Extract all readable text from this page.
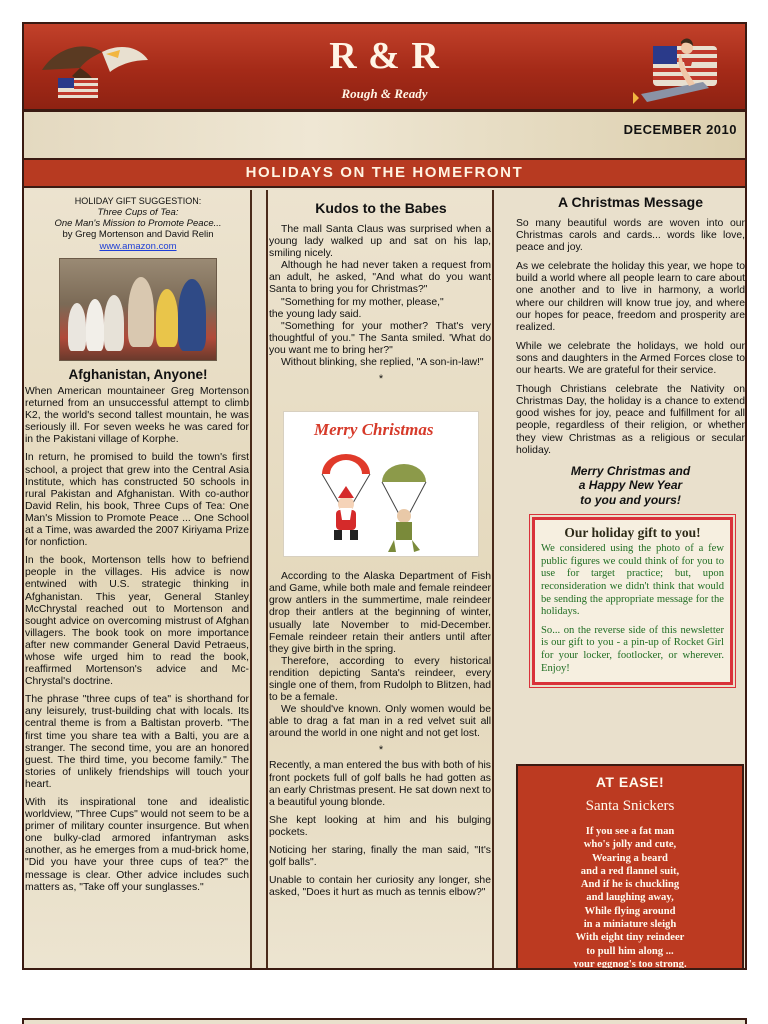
R & R
Rough & Ready
DECEMBER 2010
HOLIDAYS ON THE HOMEFRONT
HOLIDAY GIFT SUGGESTION:
Three Cups of Tea:
One Man's Mission to Promote Peace...
by Greg Mortenson and David Relin
www.amazon.com
Afghanistan, Anyone!

When American mountaineer Greg Mortenson returned from an unsuccessful attempt to climb K2, the world's second tallest mountain, he was seriously ill. For seven weeks he was cared for in the Pakistani village of Korphe.

In return, he promised to build the town's first school, a project that grew into the Central Asia Institute, which has constructed 50 schools in rural Pakistan and Afghanistan. With co-author David Relin, his book, Three Cups of Tea: One Man's Mission to Promote Peace ... One School at a Time, was awarded the 2007 Kiriyama Prize for nonfiction.

In the book, Mortenson tells how to befriend people in the villages. His advice is now entwined with U.S. strategic thinking in Afghanistan. This year, General Stanley McChrystal reached out to Mortenson and sought advice on overcoming mistrust of Afghan villagers. The book took on more importance after new commander General David Petraeus, whose wife urged him to read the book, reaffirmed Mortenson's advice and Mc-Chrystal's doctrine.

The phrase "three cups of tea" is shorthand for any leisurely, trust-building chat with locals. Its central theme is from a Baltistan proverb. "The first time you share tea with a Balti, you are a stranger. The second time, you are an honored guest. The third time, you become family." The stories of unlikely friendships will touch your heart.

With its inspirational tone and idealistic worldview, "Three Cups" would not seem to be a primer of military counter insurgence. But when one bulky-clad armored infantryman asks another, as he emerges from a mud-brick home, "Did you have your three cups of tea?" the message is clear. Other advice includes such matters as, "Take off your sunglasses."

Kudos to the Babes

The mall Santa Claus was surprised when a young lady walked up and sat on his lap, smiling nicely.

Although he had never taken a request from an adult, he asked, "And what do you want Santa to bring you for Christmas?"

"Something for my mother, please,"

the young lady said.

"Something for your mother? That's very thoughtful of you." The Santa smiled. 'What do you want me to bring her?"

Without blinking, she replied, "A son-in-law!"

*
Merry Christmas

According to the Alaska Department of Fish and Game, while both male and female reindeer grow antlers in the summertime, male reindeer drop their antlers at the beginning of winter, usually late November to mid-December. Female reindeer retain their antlers until after they give birth in the spring.

Therefore, according to every historical rendition depicting Santa's reindeer, every single one of them, from Rudolph to Blitzen, had to be a female.

We should've known. Only women would be able to drag a fat man in a red velvet suit all around the world in one night and not get lost.

*

Recently, a man entered the bus with both of his front pockets full of golf balls he had gotten as an early Christmas present. He sat down next to a beautiful young blonde.

She kept looking at him and his bulging pockets.

Noticing her staring, finally the man said, "It's golf balls".

Unable to contain her curiosity any longer, she asked, "Does it hurt as much as tennis elbow?"

A Christmas Message

So many beautiful words are woven into our Christmas carols and cards... words like love, peace and joy.

As we celebrate the holiday this year, we hope to build a world where all people learn to care about one another and to live in harmony, a world where our children will know true joy, and where our hopes for peace, freedom and prosperity are realized.

While we celebrate the holidays, we hold our sons and daughters in the Armed Forces close to our hearts. We are grateful for their service.

Though Christians celebrate the Nativity on Christmas Day, the holiday is a chance to extend good wishes for joy, peace and fulfillment for all people, regardless of their religion, or whether they view Christmas as a religious or secular holiday.

Merry Christmas and
a Happy New Year
to you and yours!
Our holiday gift to you!

We considered using the photo of a few public figures we could think of for you to use for target practice; but, upon reconsideration we didn't think that would be sending the appropriate message for the holidays.

So... on the reverse side of this newsletter is our gift to you - a pin-up of Rocket Girl for your locker, footlocker, or wherever. Enjoy!

AT EASE!
Santa Snickers
If you see a fat man
who's jolly and cute,
Wearing a beard
and a red flannel suit,
And if he is chuckling
and laughing away,
While flying around
in a miniature sleigh
With eight tiny reindeer
to pull him along ...
your eggnog's too strong.
